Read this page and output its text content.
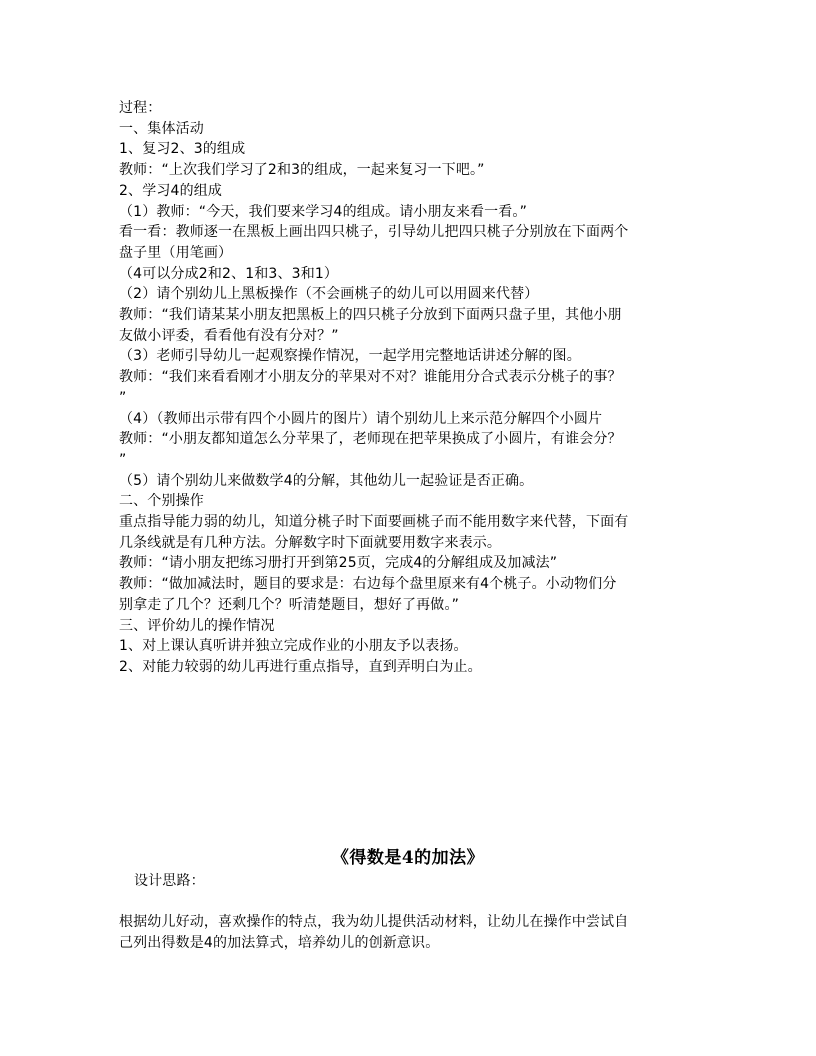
过程：
一、集体活动
1、复习2、3的组成
教师：“上次我们学习了2和3的组成，一起来复习一下吧。”
2、学习4的组成
（1）教师：“今天，我们要来学习4的组成。请小朋友来看一看。”
看一看：教师逐一在黑板上画出四只桃子，引导幼儿把四只桃子分别放在下面两个
盘子里（用笔画）
（4可以分成2和2、1和3、3和1）
（2）请个别幼儿上黑板操作（不会画桃子的幼儿可以用圆来代替）
教师：“我们请某某小朋友把黑板上的四只桃子分放到下面两只盘子里，其他小朋
友做小评委，看看他有没有分对？”
（3）老师引导幼儿一起观察操作情况，一起学用完整地话讲述分解的图。
教师：“我们来看看刚才小朋友分的苹果对不对？谁能用分合式表示分桃子的事？
”
（4）（教师出示带有四个小圆片的图片）请个别幼儿上来示范分解四个小圆片
教师：“小朋友都知道怎么分苹果了，老师现在把苹果换成了小圆片，有谁会分？
”
（5）请个别幼儿来做数学4的分解，其他幼儿一起验证是否正确。
二、个别操作
重点指导能力弱的幼儿，知道分桃子时下面要画桃子而不能用数字来代替，下面有
几条线就是有几种方法。分解数字时下面就要用数字来表示。
教师：“请小朋友把练习册打开到第25页，完成4的分解组成及加减法”
教师：“做加减法时，题目的要求是：右边每个盘里原来有4个桃子。小动物们分
别拿走了几个？还剩几个？听清楚题目，想好了再做。”
三、评价幼儿的操作情况
1、对上课认真听讲并独立完成作业的小朋友予以表扬。
2、对能力较弱的幼儿再进行重点指导，直到弄明白为止。
《得数是4的加法》
设计思路：
根据幼儿好动，喜欢操作的特点，我为幼儿提供活动材料，让幼儿在操作中尝试自
己列出得数是4的加法算式，培养幼儿的创新意识。
